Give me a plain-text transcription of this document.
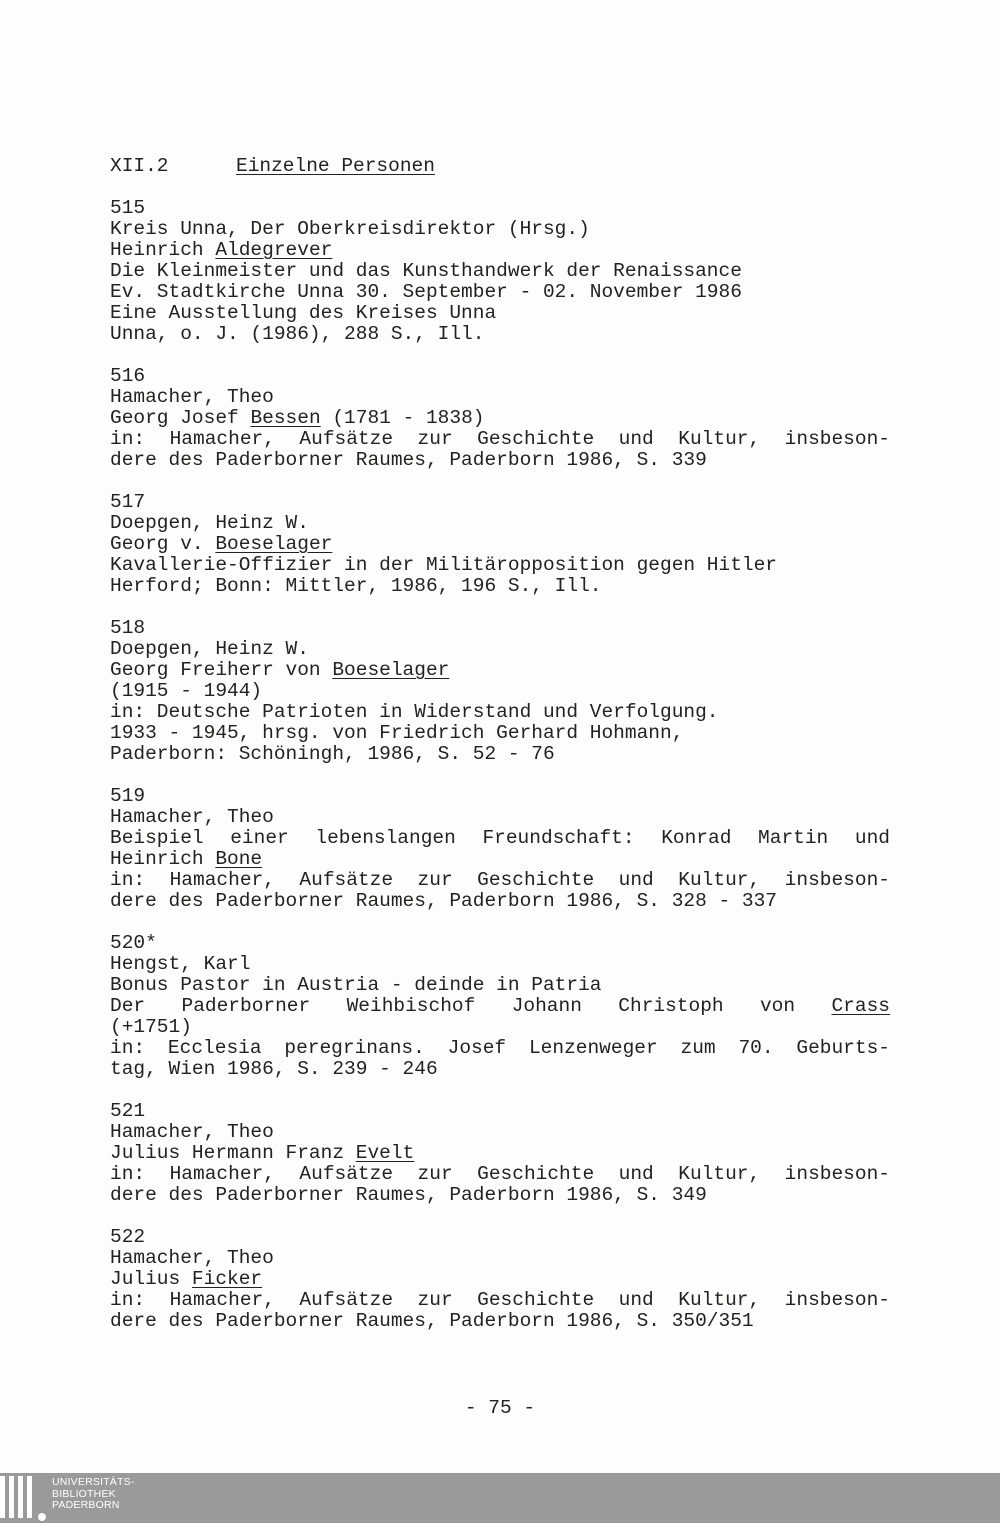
XII.2	Einzelne Personen
515
Kreis Unna, Der Oberkreisdirektor (Hrsg.)
Heinrich Aldegrever
Die Kleinmeister und das Kunsthandwerk der Renaissance
Ev. Stadtkirche Unna 30. September - 02. November 1986
Eine Ausstellung des Kreises Unna
Unna, o. J. (1986), 288 S., Ill.
516
Hamacher, Theo
Georg Josef Bessen (1781 - 1838)
in: Hamacher, Aufsätze zur Geschichte und Kultur, insbeson-
dere des Paderborner Raumes, Paderborn 1986, S. 339
517
Doepgen, Heinz W.
Georg v. Boeselager
Kavallerie-Offizier in der Militäropposition gegen Hitler
Herford; Bonn: Mittler, 1986, 196 S., Ill.
518
Doepgen, Heinz W.
Georg Freiherr von Boeselager
(1915 - 1944)
in: Deutsche Patrioten in Widerstand und Verfolgung.
1933 - 1945, hrsg. von Friedrich Gerhard Hohmann,
Paderborn: Schöningh, 1986, S. 52 - 76
519
Hamacher, Theo
Beispiel einer lebenslangen Freundschaft: Konrad Martin und
Heinrich Bone
in: Hamacher, Aufsätze zur Geschichte und Kultur, insbeson-
dere des Paderborner Raumes, Paderborn 1986, S. 328 - 337
520*
Hengst, Karl
Bonus Pastor in Austria - deinde in Patria
Der Paderborner Weihbischof Johann Christoph von Crass
(+1751)
in: Ecclesia peregrinans. Josef Lenzenweger zum 70. Geburts-
tag, Wien 1986, S. 239 - 246
521
Hamacher, Theo
Julius Hermann Franz Evelt
in: Hamacher, Aufsätze zur Geschichte und Kultur, insbeson-
dere des Paderborner Raumes, Paderborn 1986, S. 349
522
Hamacher, Theo
Julius Ficker
in: Hamacher, Aufsätze zur Geschichte und Kultur, insbeson-
dere des Paderborner Raumes, Paderborn 1986, S. 350/351
- 75 -
UNIVERSITÄTS-
BIBLIOTHEK
PADERBORN
